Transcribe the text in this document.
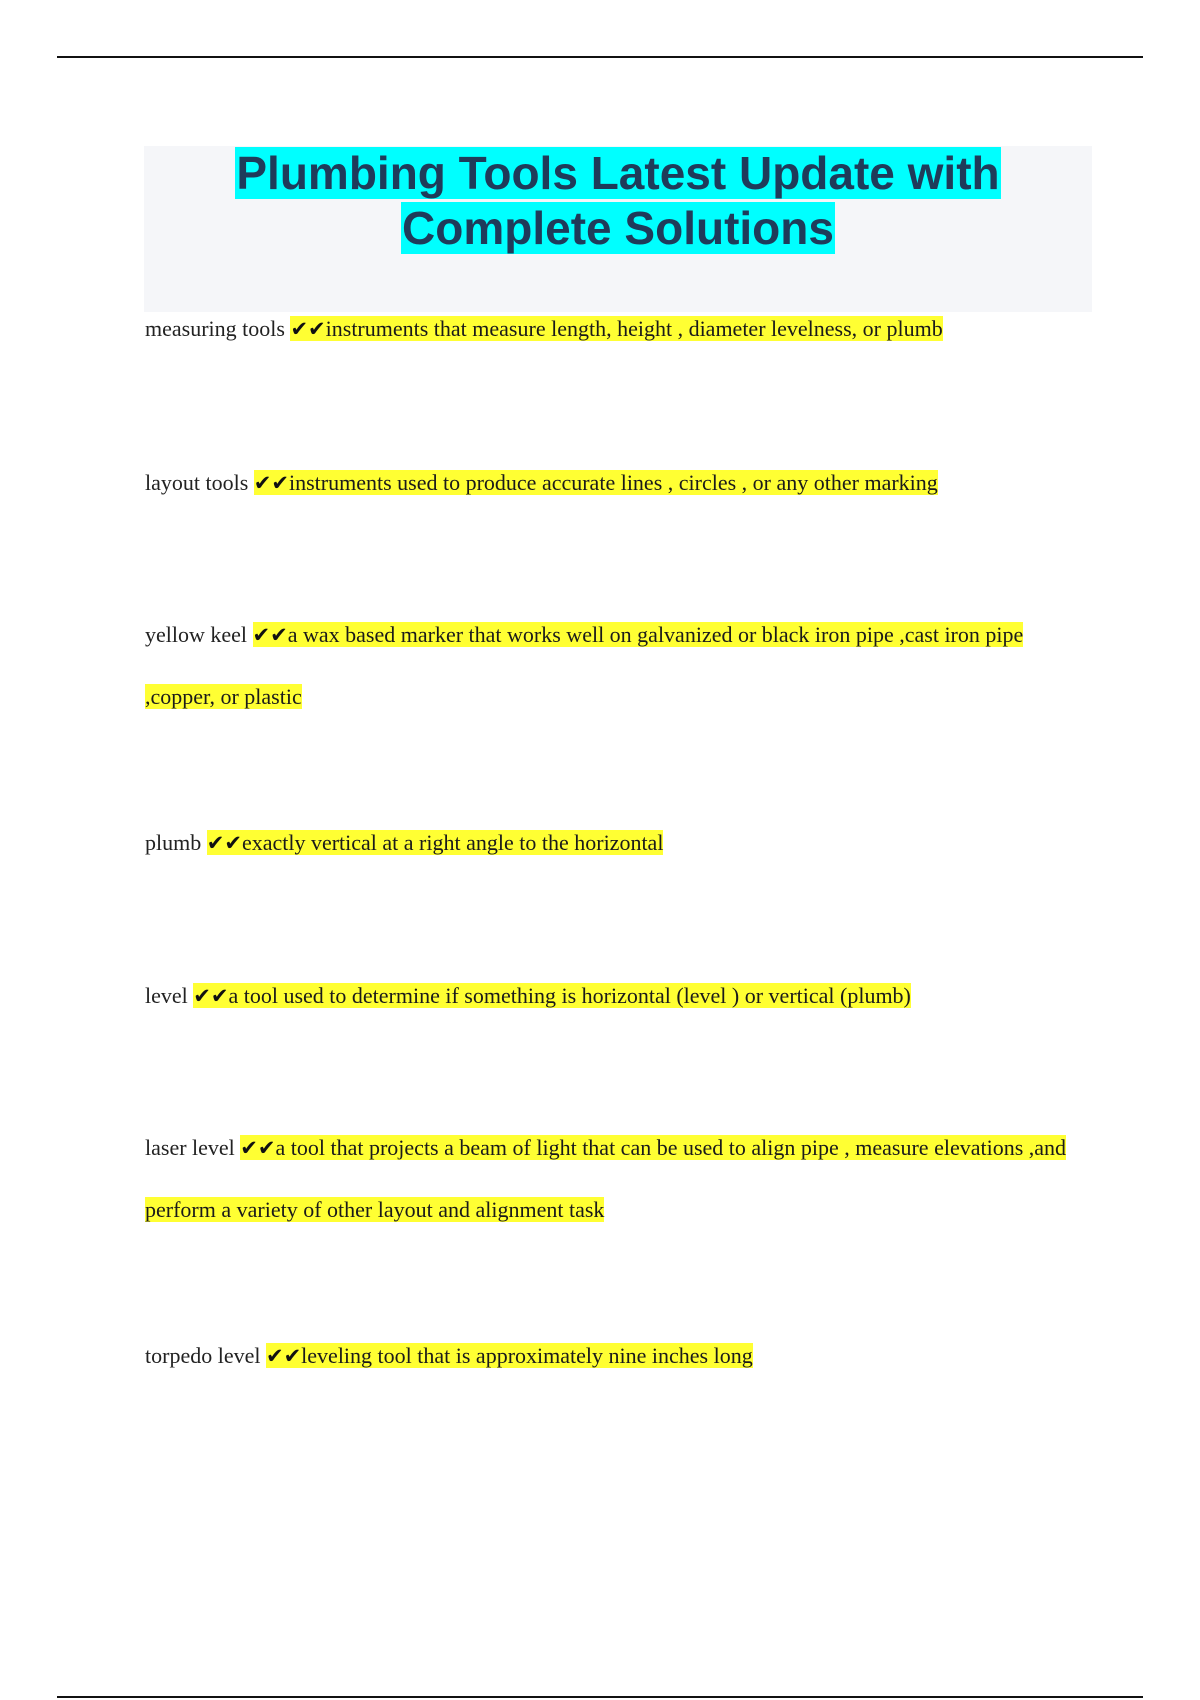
Plumbing Tools Latest Update with Complete Solutions

measuring tools ✔✔instruments that measure length, height , diameter levelness, or plumb

layout tools ✔✔instruments used to produce accurate lines , circles , or any other marking

yellow keel ✔✔a wax based marker that works well on galvanized or black iron pipe ,cast iron pipe ,copper, or plastic

plumb ✔✔exactly vertical at a right angle to the horizontal

level ✔✔a tool used to determine if something is horizontal (level ) or vertical (plumb)

laser level ✔✔a tool that projects a beam of light that can be used to align pipe , measure elevations ,and perform a variety of other layout and alignment task

torpedo level ✔✔leveling tool that is approximately nine inches long
